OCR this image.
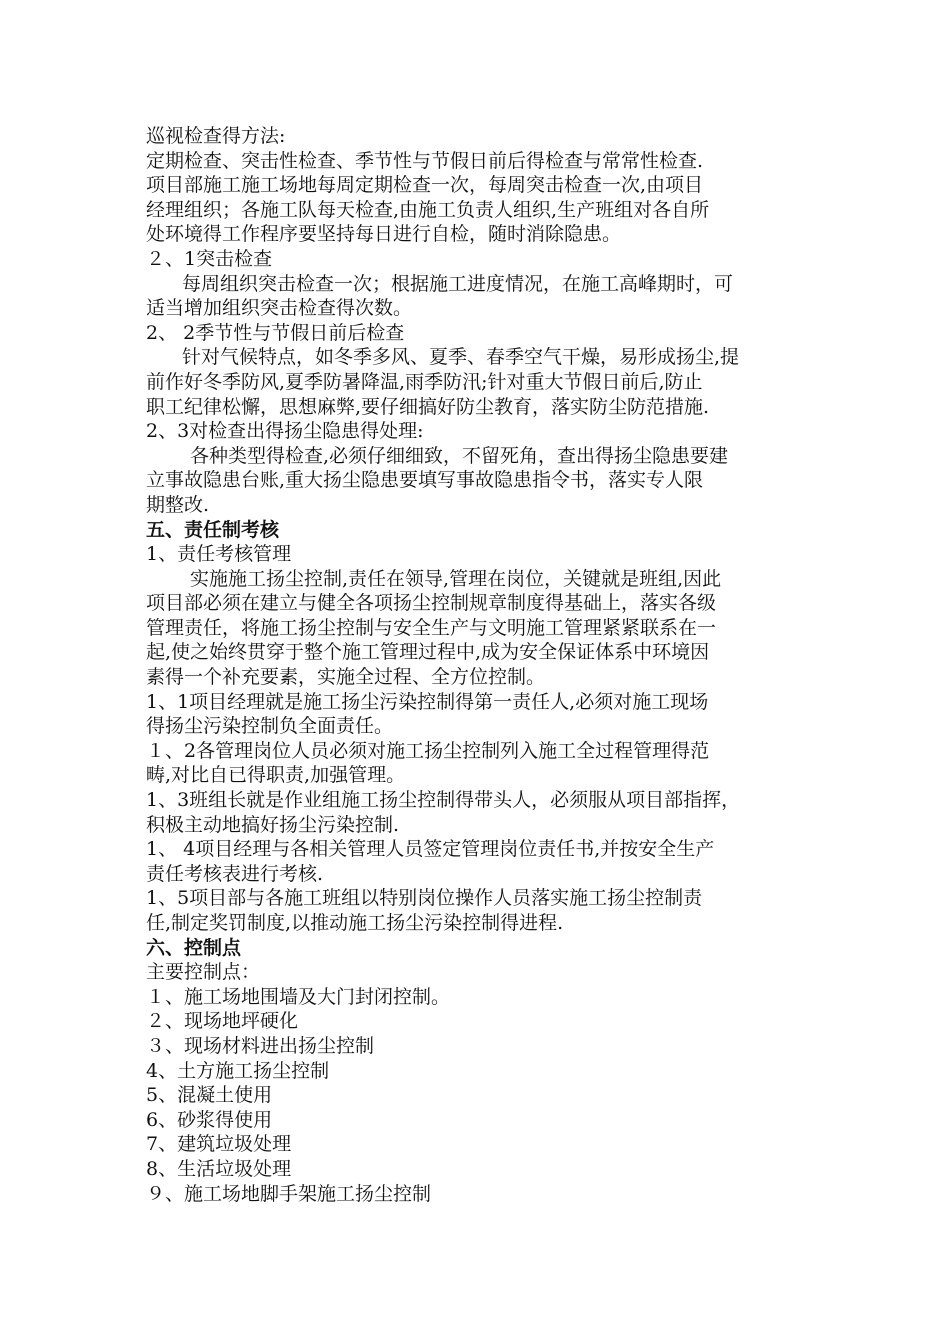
巡视检查得方法:
定期检查、突击性检查、季节性与节假日前后得检查与常常性检查.
项目部施工施工场地每周定期检查一次，每周突击检查一次,由项目
经理组织；各施工队每天检查,由施工负责人组织,生产班组对各自所
处环境得工作程序要坚持每日进行自检，随时消除隐患。
２、1突击检查
每周组织突击检查一次；根据施工进度情况，在施工高峰期时，可
适当增加组织突击检查得次数。
2、 2季节性与节假日前后检查
针对气候特点，如冬季多风、夏季、春季空气干燥，易形成扬尘,提
前作好冬季防风,夏季防暑降温,雨季防汛;针对重大节假日前后,防止
职工纪律松懈，思想麻弊,要仔细搞好防尘教育，落实防尘防范措施.
2、3对检查出得扬尘隐患得处理:
各种类型得检查,必须仔细细致，不留死角，查出得扬尘隐患要建
立事故隐患台账,重大扬尘隐患要填写事故隐患指令书，落实专人限
期整改.
五、责任制考核
1、责任考核管理
实施施工扬尘控制,责任在领导,管理在岗位，关键就是班组,因此
项目部必须在建立与健全各项扬尘控制规章制度得基础上，落实各级
管理责任，将施工扬尘控制与安全生产与文明施工管理紧紧联系在一
起,使之始终贯穿于整个施工管理过程中,成为安全保证体系中环境因
素得一个补充要素，实施全过程、全方位控制。
1、1项目经理就是施工扬尘污染控制得第一责任人,必须对施工现场
得扬尘污染控制负全面责任。
１、2各管理岗位人员必须对施工扬尘控制列入施工全过程管理得范
畴,对比自已得职责,加强管理。
1、3班组长就是作业组施工扬尘控制得带头人，必须服从项目部指挥，
积极主动地搞好扬尘污染控制.
1、 4项目经理与各相关管理人员签定管理岗位责任书,并按安全生产
责任考核表进行考核.
1、5项目部与各施工班组以特别岗位操作人员落实施工扬尘控制责
任,制定奖罚制度,以推动施工扬尘污染控制得进程.
六、控制点
主要控制点：
１、施工场地围墙及大门封闭控制。
２、现场地坪硬化
３、现场材料进出扬尘控制
4、土方施工扬尘控制
5、混凝土使用
6、砂浆得使用
7、建筑垃圾处理
8、生活垃圾处理
９、施工场地脚手架施工扬尘控制
